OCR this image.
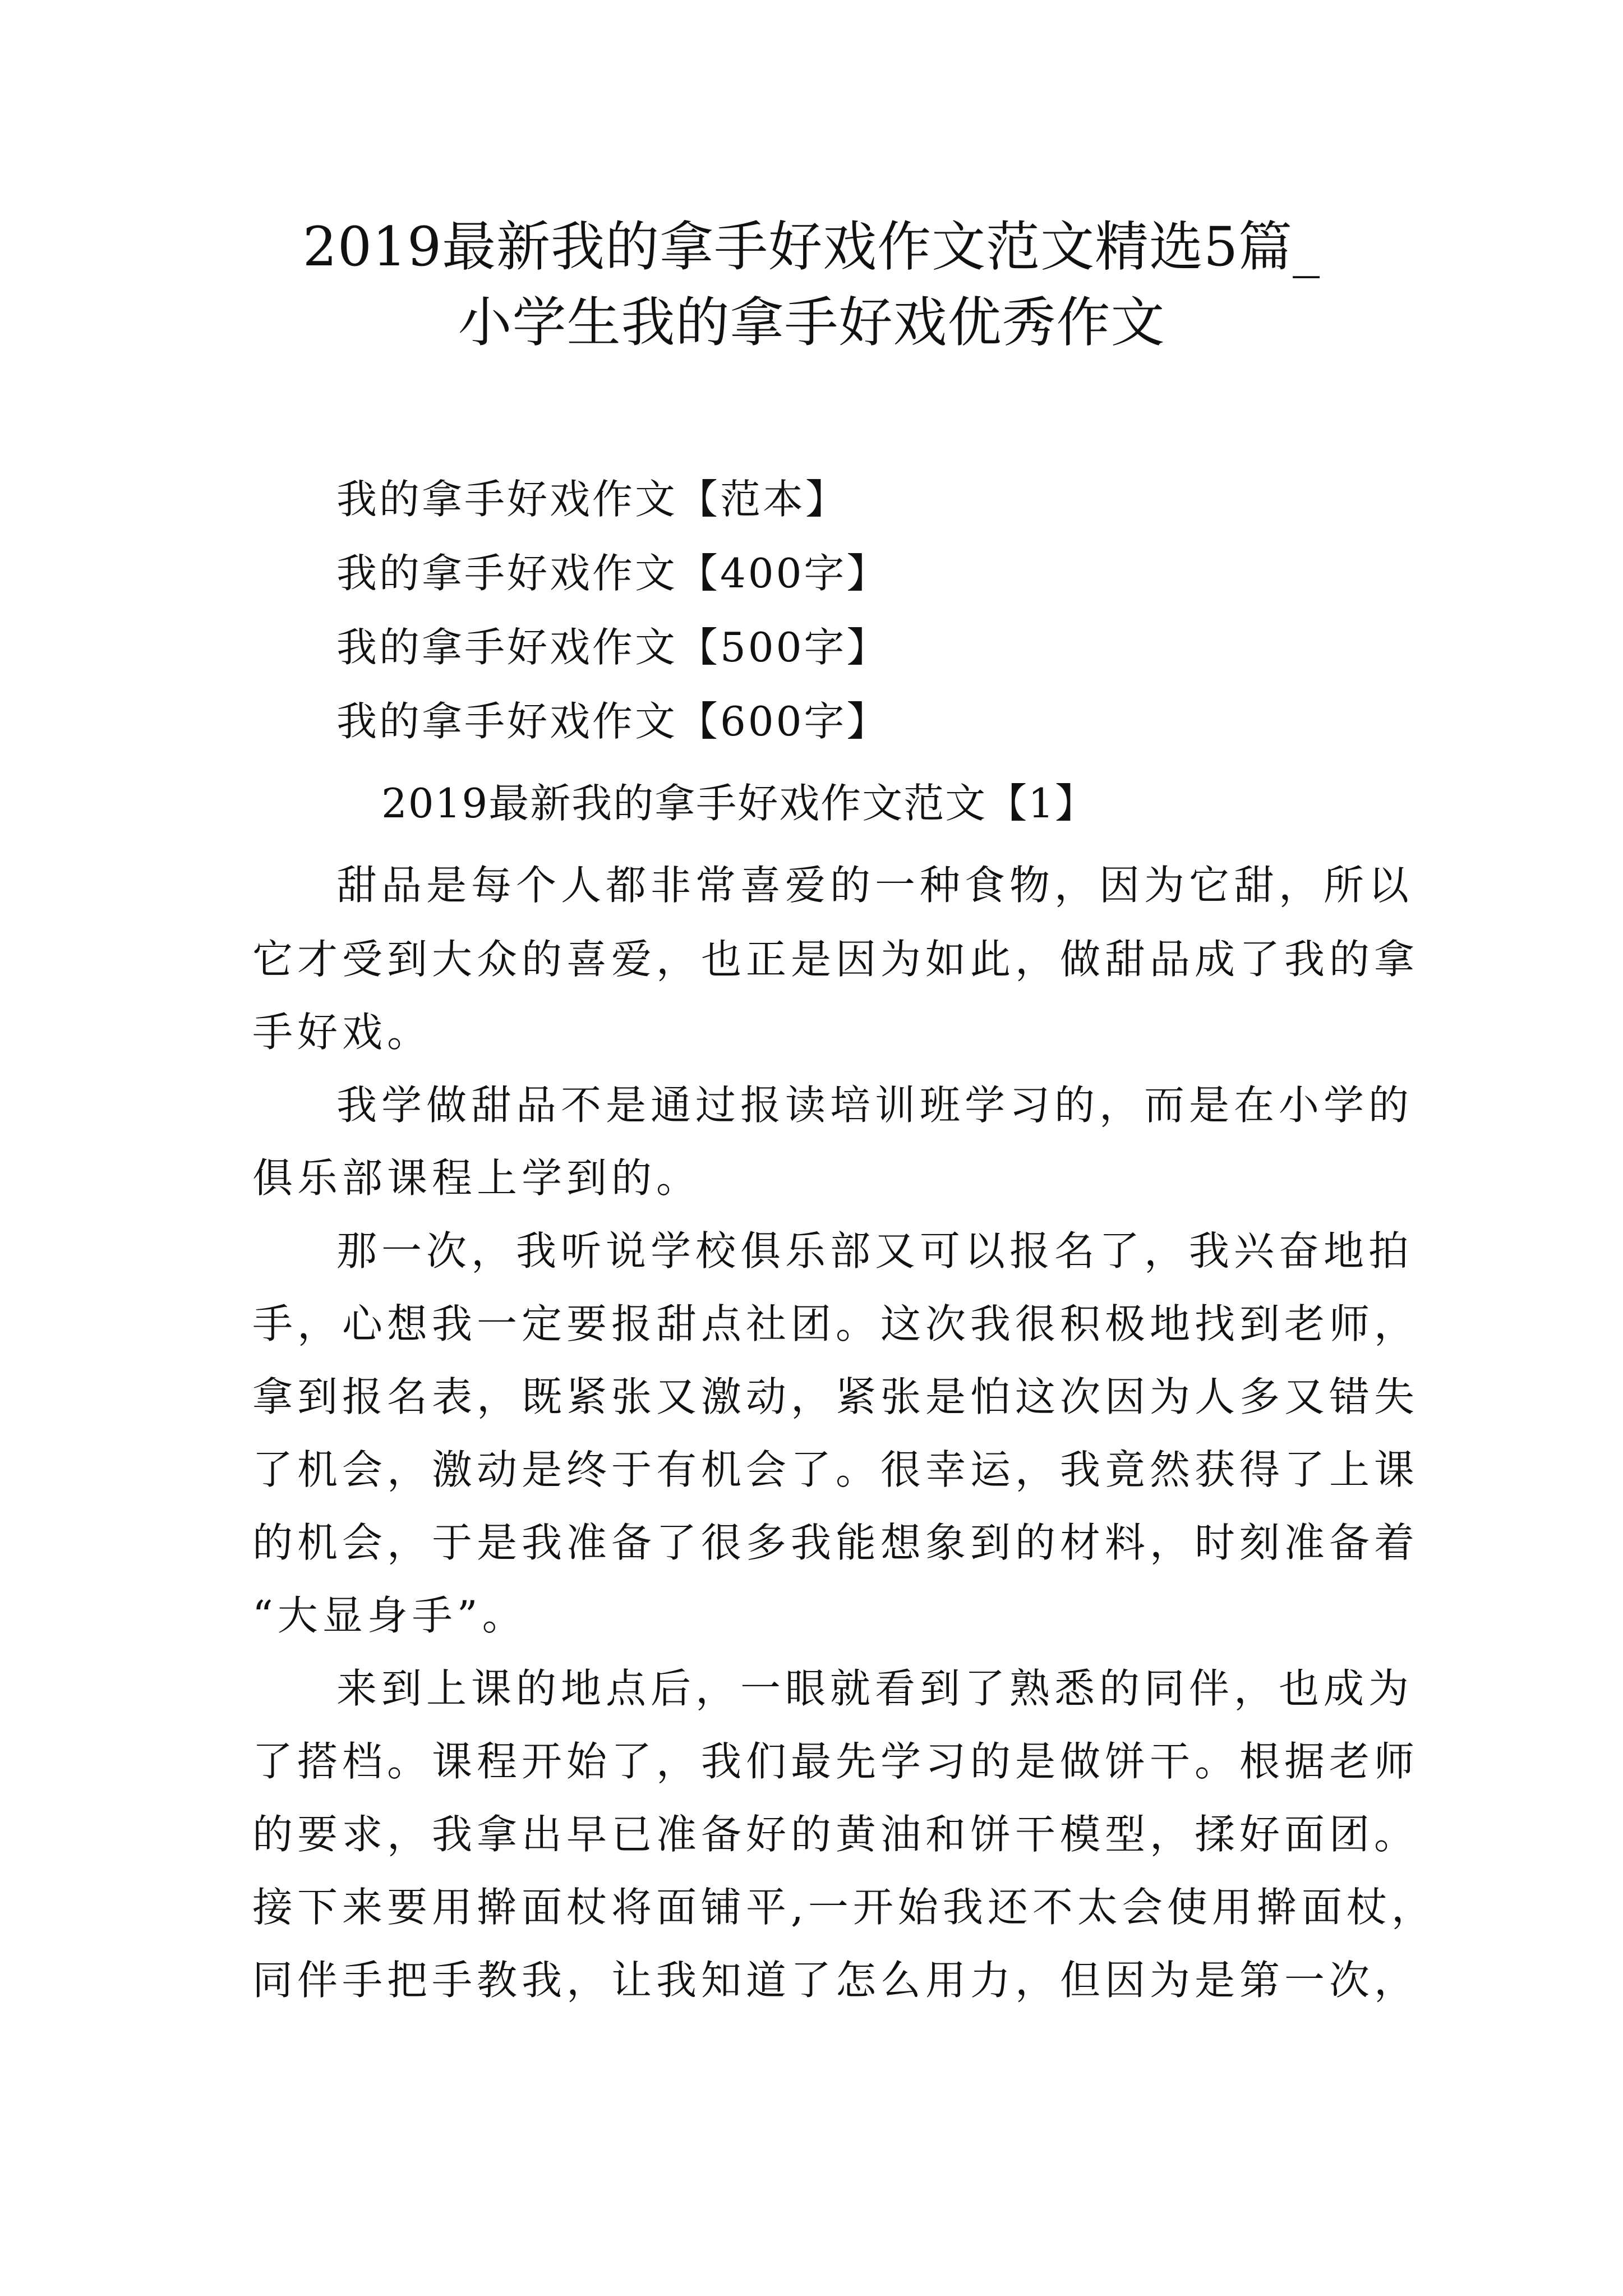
2019最新我的拿手好戏作文范文精选5篇_
小学生我的拿手好戏优秀作文
我的拿手好戏作文【范本】
我的拿手好戏作文【400字】
我的拿手好戏作文【500字】
我的拿手好戏作文【600字】
2019最新我的拿手好戏作文范文【1】
甜品是每个人都非常喜爱的一种食物，因为它甜，所以
它才受到大众的喜爱，也正是因为如此，做甜品成了我的拿
手好戏。
我学做甜品不是通过报读培训班学习的，而是在小学的
俱乐部课程上学到的。
那一次，我听说学校俱乐部又可以报名了，我兴奋地拍
手，心想我一定要报甜点社团。这次我很积极地找到老师，
拿到报名表，既紧张又激动，紧张是怕这次因为人多又错失
了机会，激动是终于有机会了。很幸运，我竟然获得了上课
的机会，于是我准备了很多我能想象到的材料，时刻准备着
“大显身手”。
来到上课的地点后，一眼就看到了熟悉的同伴，也成为
了搭档。课程开始了，我们最先学习的是做饼干。根据老师
的要求，我拿出早已准备好的黄油和饼干模型，揉好面团。
接下来要用擀面杖将面铺平,一开始我还不太会使用擀面杖，
同伴手把手教我，让我知道了怎么用力，但因为是第一次，
